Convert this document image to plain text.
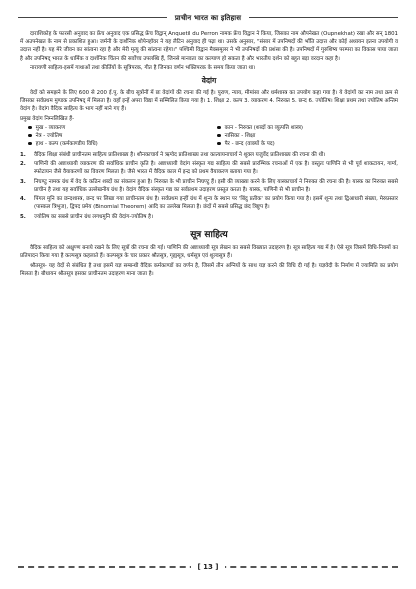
प्राचीन भारत का इतिहास

दाराशिकोह के फारसी अनुवाद का फ्रेंच अनुवाद एक प्रसिद्ध फ्रेंच विद्वान् Anquetil du Perron नामक फ्रेंच विद्वान ने किया, जिसका नाम औपनेखत (Oupnekhat) रखा और सन् 1801 में अउपनेखत के नाम से प्रकाशित हुआ। जर्मनी के दार्शनिक शोपेनहॉवर ने यह लैटिन अनुवाद ही पढ़ा था। उसके अनुसार, "संसार में उपनिषदों की भाँति उदात्त और कोई अध्ययन इतना उपयोगी व उदात्त नहीं है। यह मेरे जीवन का सांत्वना रहा है और मेरी मृत्यु की सांत्वना रहेगा।" पश्चिमी विद्वान मैक्समूलर ने भी उपनिषदों की प्रशंसा की है। उपनिषदों में गुरुशिष्य परम्परा का विकास पाया जाता है और उपनिषद् भारत के धार्मिक व दार्शनिक चिंतन की सर्वोच्च उपलब्धि हैं, जिनसे मानवता का कल्याण हो सकता है और भारतीय दर्शन को बहुत बड़ा वरदान कहा है।

नारायणी साहित्य-इसमें गाथाओं तथा कीर्तियों के सूत्रिपरक, गीत है जिनका वर्णन भक्तिपरक के समय किया जाता था।

वेदांग

वेदों को समझने के लिए 600 से 200 ई.पू. के बीच सूत्रोंनीं में छः वेदांगों की रचना की गई है। पुराण, न्याय, मीमांसा और धर्मशास्त्र का उपयोग कहा गया है। ये वेदांगों का नाम तथा क्रम से जिसका सर्वप्रथम मुण्डक उपनिषद् में मिलता है। वहाँ इन्हें अपरा विद्या में सम्मिलित किया गया है। 1. शिक्षा 2. कल्प 3. व्याकरण 4. निरुक्त 5. छन्द 6. ज्योतिष। शिक्षा प्रथम तथा ज्योतिष अन्तिम वेदांग है। वेदांग वैदिक साहित्य के भाग नहीं माने गए हैं।

प्रमुख वेदांग निम्नलिखित हैं-
मुख - व्याकरण	कान - निरुक्त (शब्दों का व्युत्पत्ति शास्त्र)
नेत्र - ज्योतिष	नासिका - शिक्षा
हाथ - कल्प (कर्मकाण्डीय विधि)	पैर - छन्द (वाक्यों के पद)
1.	वैदिक शिक्षा संबंधी प्राचीनतम साहित्य प्रातिशाख्य है। शौनकाचार्य ने ऋग्वेद प्रातिशाख्य तथा कात्यायनाचार्य ने शुक्ल यजुर्वेद प्रातिशाख्य की रचना की थी।
2.	पाणिनी की अष्टाध्यायी व्याकरण की सर्वाधिक प्राचीन कृति है। अष्टाध्यायी वेदांग संस्कृत गद्य साहित्य की सबसे प्रारम्भिक रचनाओं में एक है। वस्तुतः पाणिनि से भी पूर्व शाकटायन, गार्ग्य, स्फोटायन जैसे वैयाकरणों का विवरण मिलता है। जैसे भारत में वैदिक काल में इन्द्र को प्रथम वैयाकरण बताया गया है।
3.	निघण्टु नामक ग्रंथ में वेद के कठिन शब्दों का संकलन हुआ है। निरुक्त के भी प्राचीन निघण्टु हैं। इसी की व्याख्या करने के लिए यास्काचार्य ने निरुक्त की रचना की है। यास्क का निरुक्त सबसे प्राचीन है तथा यह सर्वाधिक उल्लेखनीय ग्रंथ है। वेदांग वैदिक संस्कृत गद्य का सर्वप्रथम उदाहरण प्रस्तुत करता है। यास्क, पाणिनी से भी प्राचीन है।
4.	पिंगल मुनि का छन्दशास्त्र, छन्द पर लिखा गया प्राचीनतम ग्रंथ है। सर्वप्रथम इन्हीं ग्रंथ में शून्य के स्थान पर 'बिंदु प्रतीक' का प्रयोग किया गया है। इसमें शून्य तथा द्विआधारी संख्या, मेरुप्रस्तार (पास्कल त्रिभुज), द्विपद प्रमेय (Binomial Theorem) आदि का उल्लेख मिलता है। छंदों में सबसे प्रसिद्ध छंद त्रिष्टुप है।
5.	ज्योतिष का सबसे प्राचीन ग्रंथ लगधमुनि की वेदांग-ज्योतिष है।
सूत्र साहित्य

वैदिक साहित्य को अक्षुण्ण बनाये रखने के लिए सूत्रों की रचना की गई। पाणिनि की अष्टाध्यायी सूत्र लेखन का सबसे विख्यात उदाहरण है। सूत्र साहित्य गद्य में है। ऐसे सूत्र जिसमें विधि-नियमों का प्रतिपादन किया गया है कल्पसूत्र कहलाते हैं। कल्पसूत्र के चार प्रकार श्रौतसूत्र, गृह्यसूत्र, धर्मसूत्र एवं शुल्वसूत्र हैं।

श्रौतसूत्र- यह वेदों से संबंधित है तथा इसमें यज्ञ सम्बन्धी वैदिक कर्मकाण्डों का वर्णन है, जिसमें तीन अग्नियों के साथ यज्ञ करने की विधि दी गई है। यज्ञवेदी के निर्माण में ज्यामिति का प्रयोग मिलता है। बौधायन श्रौतसूत्र इसका प्राचीनतम उदाहरण माना जाता है।

[ 13 ]
